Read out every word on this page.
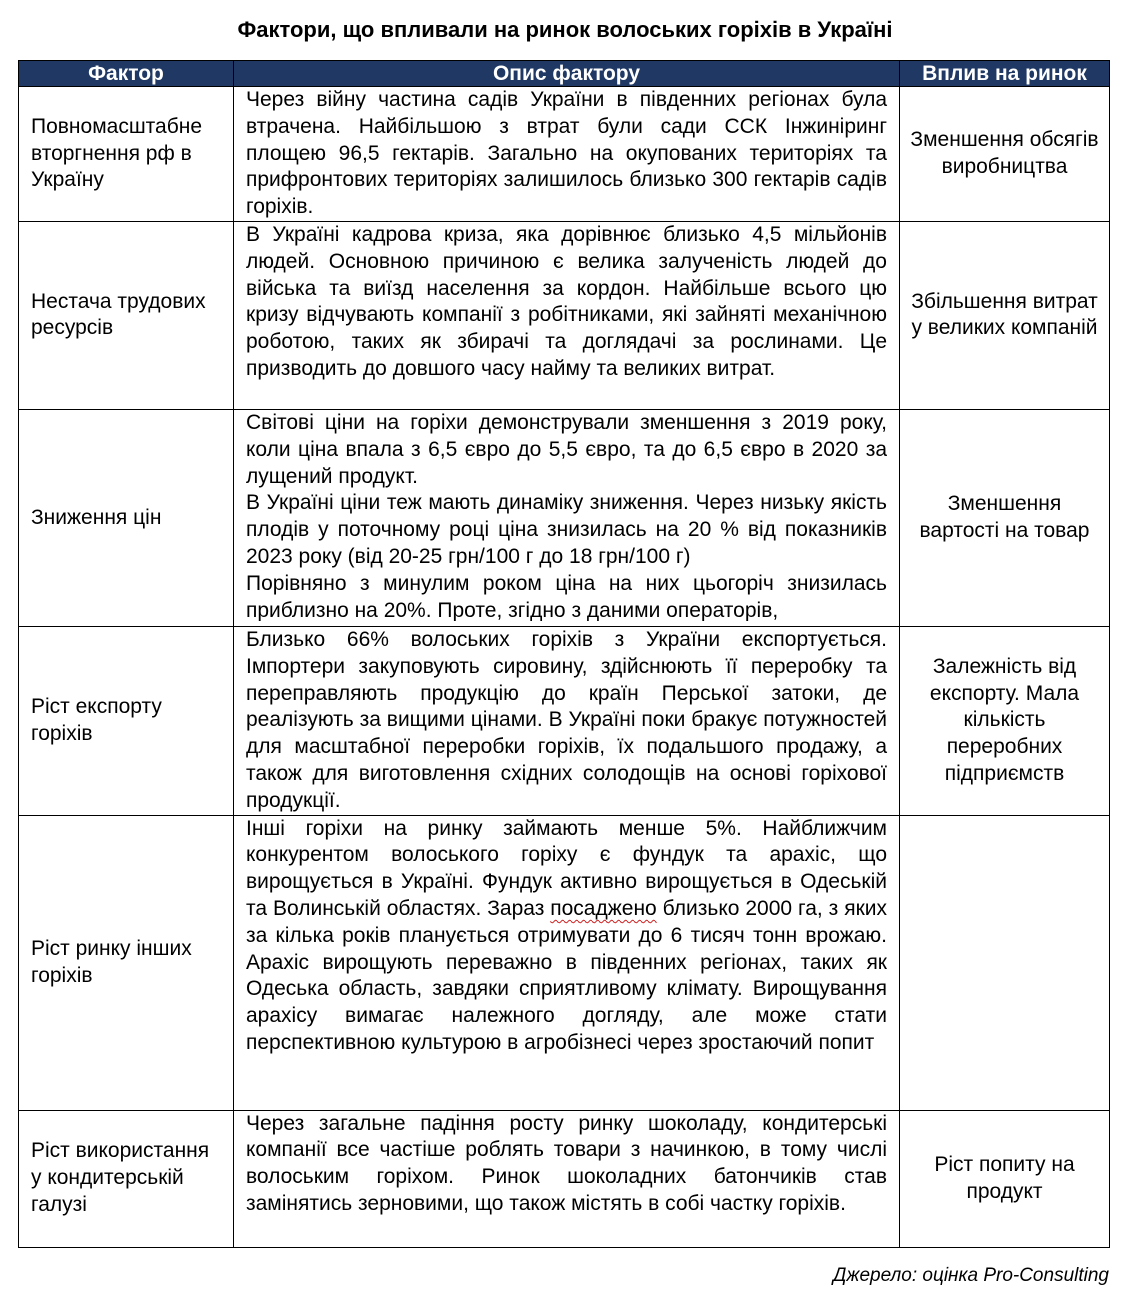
Фактори, що впливали на ринок волоських горіхів в Україні
Фактор	Опис фактору	Вплив на ринок
Повномасштабне вторгнення рф в Україну	Через війну частина садів України в південних регіонах була втрачена. Найбільшою з втрат були сади ССК Інжиніринг площею 96,5 гектарів. Загально на окупованих територіях та прифронтових територіях залишилось близько 300 гектарів садів горіхів.	Зменшення обсягів виробництва
Нестача трудових ресурсів	В Україні кадрова криза, яка дорівнює близько 4,5 мільйонів людей. Основною причиною є велика залученість людей до війська та виїзд населення за кордон. Найбільше всього цю кризу відчувають компанії з робітниками, які зайняті механічною роботою, таких як збирачі та доглядачі за рослинами. Це призводить до довшого часу найму та великих витрат.	Збільшення витрат у великих компаній
Зниження цін	Світові ціни на горіхи демонстрували зменшення з 2019 року, коли ціна впала з 6,5 євро до 5,5 євро, та до 6,5 євро в 2020 за лущений продукт.
В Україні ціни теж мають динаміку зниження. Через низьку якість плодів у поточному році ціна знизилась на 20 % від показників 2023 року (від 20-25 грн/100 г до 18 грн/100 г)
Порівняно з минулим роком ціна на них цьогоріч знизилась приблизно на 20%. Проте, згідно з даними операторів,	Зменшення вартості на товар
Ріст експорту горіхів	Близько 66% волоських горіхів з України експортується. Імпортери закуповують сировину, здійснюють її переробку та переправляють продукцію до країн Перської затоки, де реалізують за вищими цінами. В Україні поки бракує потужностей для масштабної переробки горіхів, їх подальшого продажу, а також для виготовлення східних солодощів на основі горіхової продукції.	Залежність від експорту. Мала кількість переробних підприємств
Ріст ринку інших горіхів	Інші горіхи на ринку займають менше 5%. Найближчим конкурентом волоського горіху є фундук та арахіс, що вирощується в Україні. Фундук активно вирощується в Одеській та Волинській областях. Зараз посаджено близько 2000 га, з яких за кілька років планується отримувати до 6 тисяч тонн врожаю. Арахіс вирощують переважно в південних регіонах, таких як Одеська область, завдяки сприятливому клімату. Вирощування арахісу вимагає належного догляду, але може стати перспективною культурою в агробізнесі через зростаючий попит	

Ріст використання у кондитерській галузі	Через загальне падіння росту ринку шоколаду, кондитерські компанії все частіше роблять товари з начинкою, в тому числі волоським горіхом. Ринок шоколадних батончиків став замінятись зерновими, що також містять в собі частку горіхів.	Ріст попиту на продукт
Джерело: оцінка Pro-Consulting
